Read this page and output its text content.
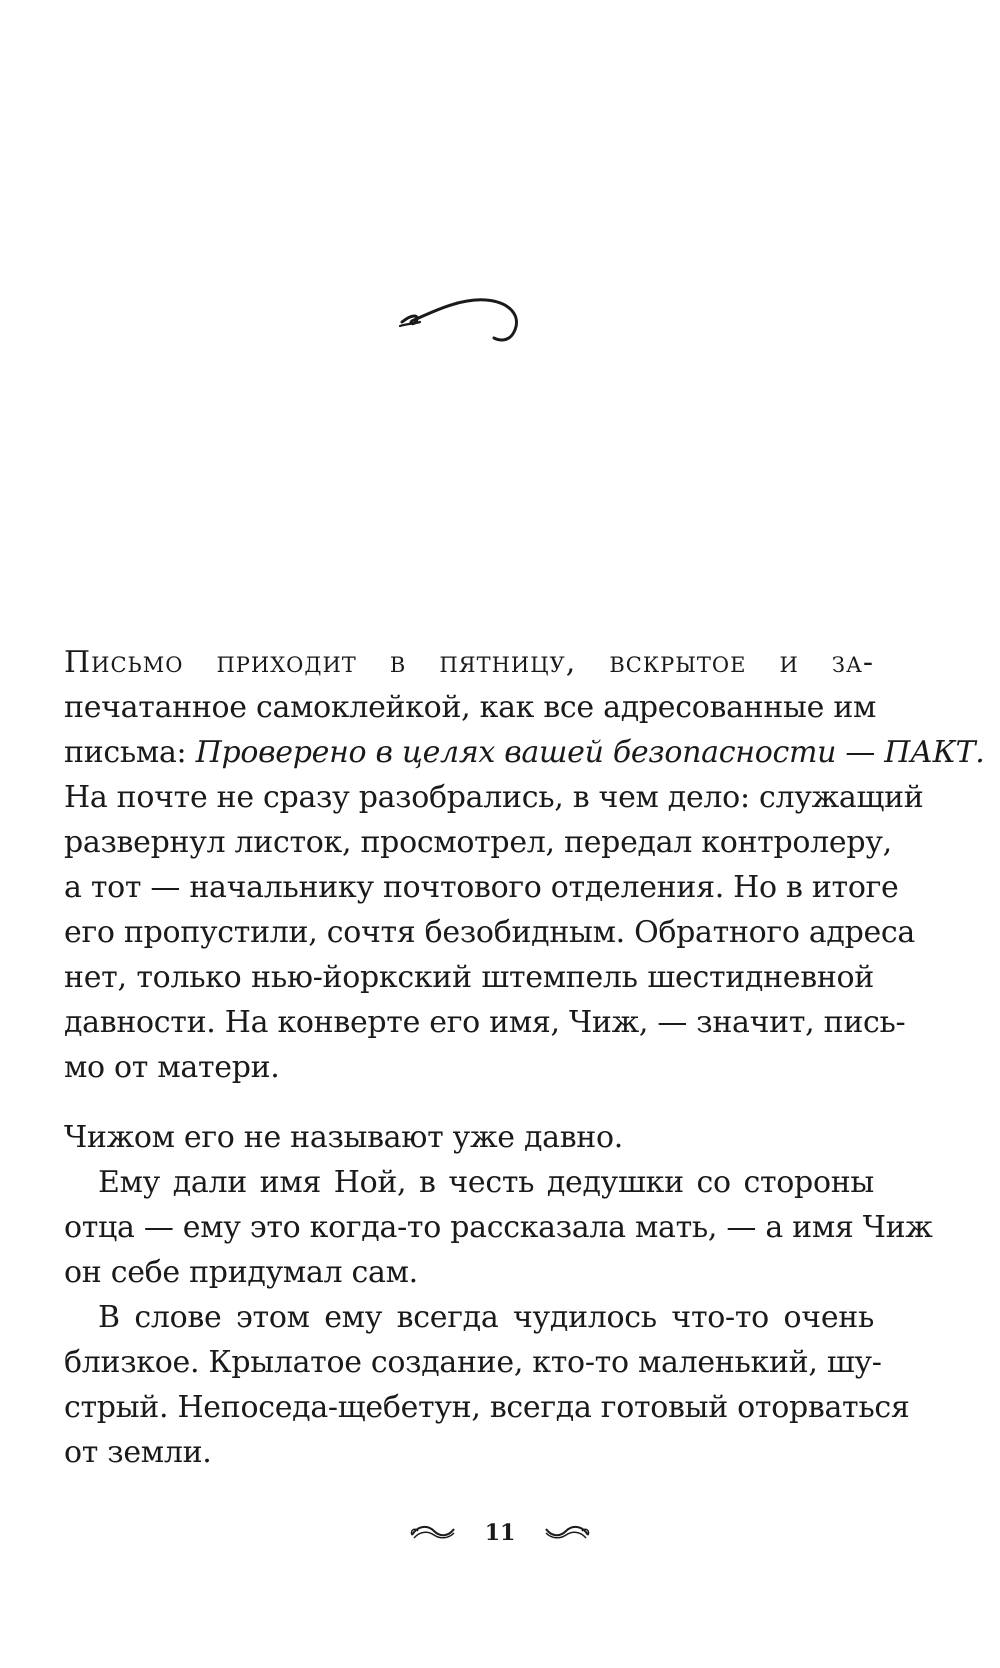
Письмо приходит в пятницу, вскрытое и за-
печатанное самоклейкой, как все адресованные им
письма: Проверено в целях вашей безопасности — ПАКТ.
На почте не сразу разобрались, в чем дело: служащий
развернул листок, просмотрел, передал контролеру,
а тот — начальнику почтового отделения. Но в итоге
его пропустили, сочтя безобидным. Обратного адреса
нет, только нью-йоркский штемпель шестидневной
давности. На конверте его имя, Чиж, — значит, пись-
мо от матери.
Чижом его не называют уже давно.
Ему дали имя Ной, в честь дедушки со стороны
отца — ему это когда-то рассказала мать, — а имя Чиж
он себе придумал сам.
В слове этом ему всегда чудилось что-то очень
близкое. Крылатое создание, кто-то маленький, шу-
стрый. Непоседа-щебетун, всегда готовый оторваться
от земли.
11
